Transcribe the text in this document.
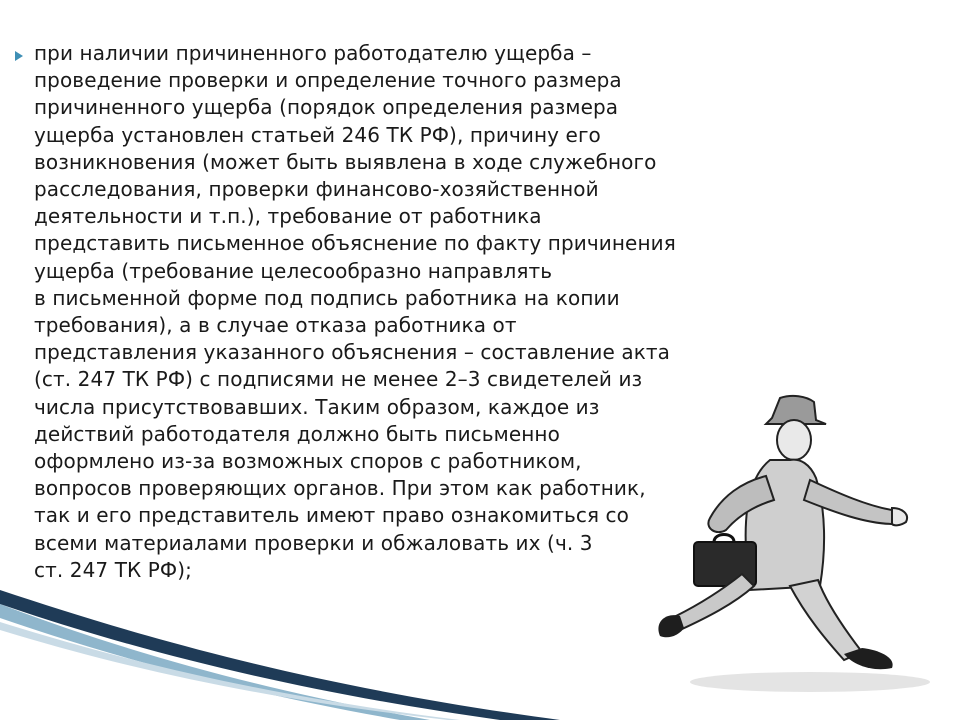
при наличии причиненного работодателю ущерба –
проведение проверки и определение точного размера
причиненного ущерба (порядок определения размера
ущерба установлен статьей 246 ТК РФ), причину его
возникновения (может быть выявлена в ходе служебного
расследования, проверки финансово-хозяйственной
деятельности и т.п.), требование от работника
представить письменное объяснение по факту причинения
ущерба (требование целесообразно направлять
в письменной форме под подпись работника на копии
требования), а в случае отказа работника от
представления указанного объяснения – составление акта
(ст. 247 ТК РФ) с подписями не менее 2–3 свидетелей из
числа присутствовавших. Таким образом, каждое из
действий работодателя должно быть письменно
оформлено из-за возможных споров с работником,
вопросов проверяющих органов. При этом как работник,
так и его представитель имеют право ознакомиться со
всеми материалами проверки и обжаловать их (ч. 3
ст. 247 ТК РФ);
